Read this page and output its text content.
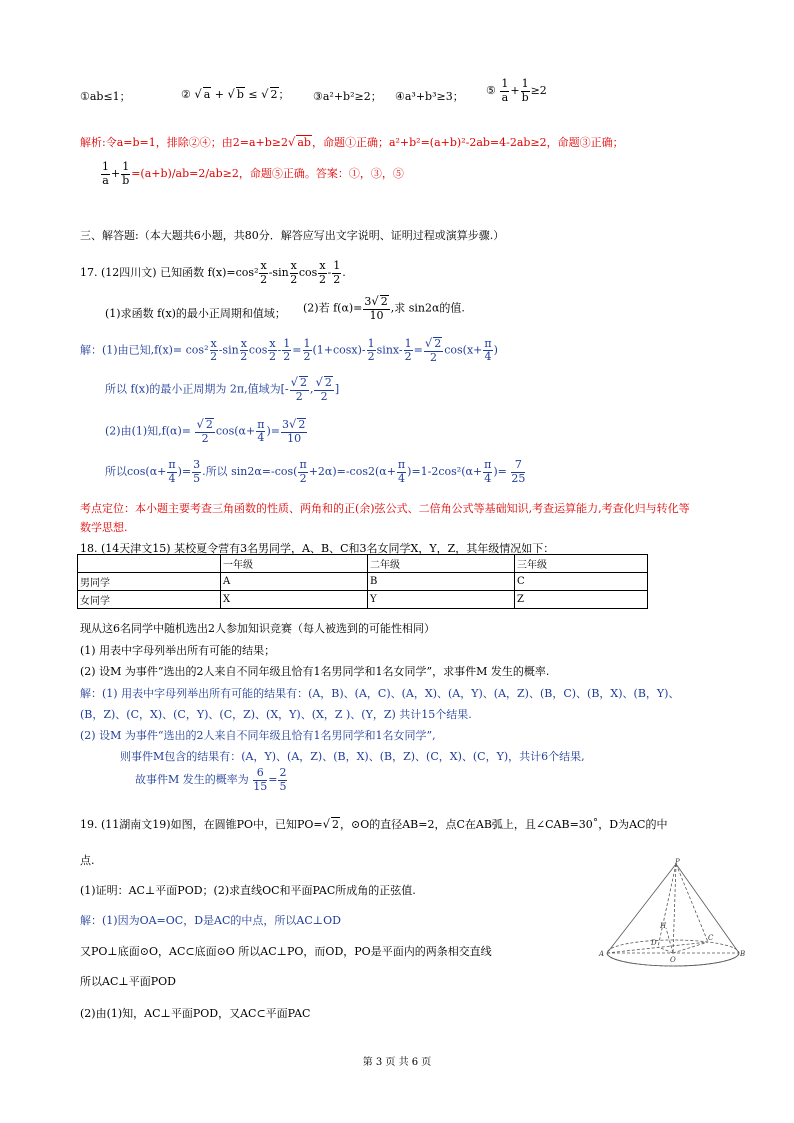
①ab≤1；	② √ a + √ b ≤ √ 2； ③a²+b²≥2； ④a³+b³≥3； ⑤ $\frac{1}{a} + \frac{1}{b} \ge 2$
解析:令a=b=1，排除②④；由2=a+b≥2√ ab，命题①正确；a²+b²=(a+b)²-2ab=4-2ab≥2，命题③正确；
$\frac{1}{a} + \frac{1}{b} =(a+b)/ab=2/ab\ge 2$，命题⑤正确。答案：①，③，⑤
三、解答题:（本大题共6小题，共80分．解答应写出文字说明、证明过程或演算步骤.）
17. (12四川文) 已知函数 $f(x)=\cos^2 \frac{x}{2} -\sin \frac{x}{2}$ $\cos \frac{x}{2} - \frac{1}{2}$ .
(1)求函数 f(x)的最小正周期和值域； (2)若 $f(\alpha)= \frac{3√ 2}{10}$ ,求 sin2α的值.
解：(1)由已知$,f(x)= \cos^2 \frac{x}{2} -\sin \frac{x}{2}$ $\cos \frac{x}{2} - \frac{1}{2} = \frac{1}{2} (1+\cos x)- \frac{1}{2} \sin x- \frac{1}{2} = \frac{√ 2}{2} \cos(x+ \frac{\pi}{4}$ )
所以 f(x)的最小正周期为 2π,值域为[- $\frac{√ 2}{2}$ , $\frac{√ 2}{2}$ ]
(2)由(1)知$,f(\alpha)= \frac{√ 2}{2} \cos(\alpha+ \frac{\pi}{4}$ )= $\frac{3√ 2}{10}$
所以$\cos(\alpha+ \frac{\pi}{4}$ )= $\frac{3}{5}$ .所以 $\sin 2\alpha=-\cos( \frac{\pi}{2} +2\alpha)=-\cos 2(\alpha+ \frac{\pi}{4} )=1-2\cos^2(\alpha+ \frac{\pi}{4}$ )= $\frac{7}{25}$
考点定位：本小题主要考查三角函数的性质、两角和的正(余)弦公式、二倍角公式等基础知识,考查运算能力,考查化归与转化等
数学思想.
18. (14天津文15) 某校夏令营有3名男同学，A、B、C和3名女同学X，Y，Z，其年级情况如下：
	一年级	二年级	三年级
男同学	A	B	C
女同学	X	Y	Z
现从这6名同学中随机选出2人参加知识竞赛（每人被选到的可能性相同）
(1) 用表中字母列举出所有可能的结果；
(2) 设M 为事件“选出的2人来自不同年级且恰有1名男同学和1名女同学”，求事件M 发生的概率.
解：(1) 用表中字母列举出所有可能的结果有：(A，B)、(A，C)、(A，X)、(A，Y)、(A，Z)、(B，C)、(B，X)、(B，Y)、
(B，Z)、(C，X)、(C，Y)、(C，Z)、(X，Y)、(X，Z )、(Y，Z) 共计15个结果.
(2) 设M 为事件“选出的2人来自不同年级且恰有1名男同学和1名女同学”,
则事件M包含的结果有：(A，Y)、(A，Z)、(B，X)、(B，Z)、(C，X)、(C，Y)，共计6个结果,
故事件M 发生的概率为 $\frac{6}{15} = \frac{2}{5}$
19. (11湖南文19)如图，在圆锥PO中，已知PO=√ 2，⊙O的直径AB=2，点C在AB弧上，且∠CAB=30˚，D为AC的中
点.
(1)证明：AC⊥平面POD；(2)求直线OC和平面PAC所成角的正弦值.
解：(1)因为OA=OC，D是AC的中点，所以AC⊥OD
又PO⊥底面⊙O，AC⊂底面⊙O 所以AC⊥PO，而OD，PO是平面内的两条相交直线
所以AC⊥平面POD
(2)由(1)知，AC⊥平面POD，又AC⊂平面PAC
P
A	B
C
D
O
H
第 3 页 共 6 页
